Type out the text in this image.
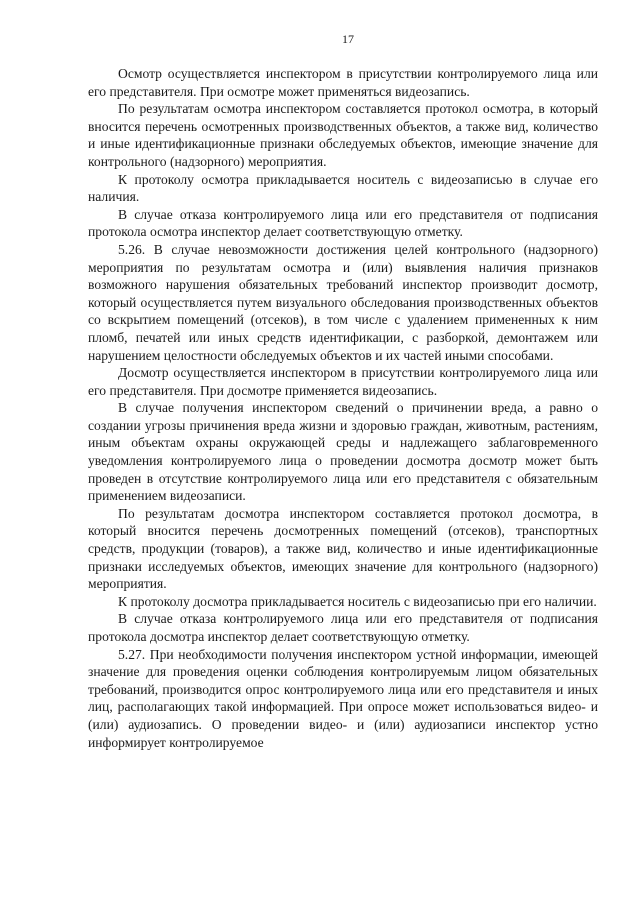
17

Осмотр осуществляется инспектором в присутствии контролируемого лица или его представителя. При осмотре может применяться видеозапись.

По результатам осмотра инспектором составляется протокол осмотра, в который вносится перечень осмотренных производственных объектов, а также вид, количество и иные идентификационные признаки обследуемых объектов, имеющие значение для контрольного (надзорного) мероприятия.

К протоколу осмотра прикладывается носитель с видеозаписью в случае его наличия.

В случае отказа контролируемого лица или его представителя от подписания протокола осмотра инспектор делает соответствующую отметку.

5.26. В случае невозможности достижения целей контрольного (надзорного) мероприятия по результатам осмотра и (или) выявления наличия признаков возможного нарушения обязательных требований инспектор производит досмотр, который осуществляется путем визуального обследования производственных объектов со вскрытием помещений (отсеков), в том числе с удалением примененных к ним пломб, печатей или иных средств идентификации, с разборкой, демонтажем или нарушением целостности обследуемых объектов и их частей иными способами.

Досмотр осуществляется инспектором в присутствии контролируемого лица или его представителя. При досмотре применяется видеозапись.

В случае получения инспектором сведений о причинении вреда, а равно о создании угрозы причинения вреда жизни и здоровью граждан, животным, растениям, иным объектам охраны окружающей среды и надлежащего заблаговременного уведомления контролируемого лица о проведении досмотра досмотр может быть проведен в отсутствие контролируемого лица или его представителя с обязательным применением видеозаписи.

По результатам досмотра инспектором составляется протокол досмотра, в который вносится перечень досмотренных помещений (отсеков), транспортных средств, продукции (товаров), а также вид, количество и иные идентификационные признаки исследуемых объектов, имеющих значение для контрольного (надзорного) мероприятия.

К протоколу досмотра прикладывается носитель с видеозаписью при его наличии.

В случае отказа контролируемого лица или его представителя от подписания протокола досмотра инспектор делает соответствующую отметку.

5.27. При необходимости получения инспектором устной информации, имеющей значение для проведения оценки соблюдения контролируемым лицом обязательных требований, производится опрос контролируемого лица или его представителя и иных лиц, располагающих такой информацией. При опросе может использоваться видео- и (или) аудиозапись. О проведении видео- и (или) аудиозаписи инспектор устно информирует контролируемое
